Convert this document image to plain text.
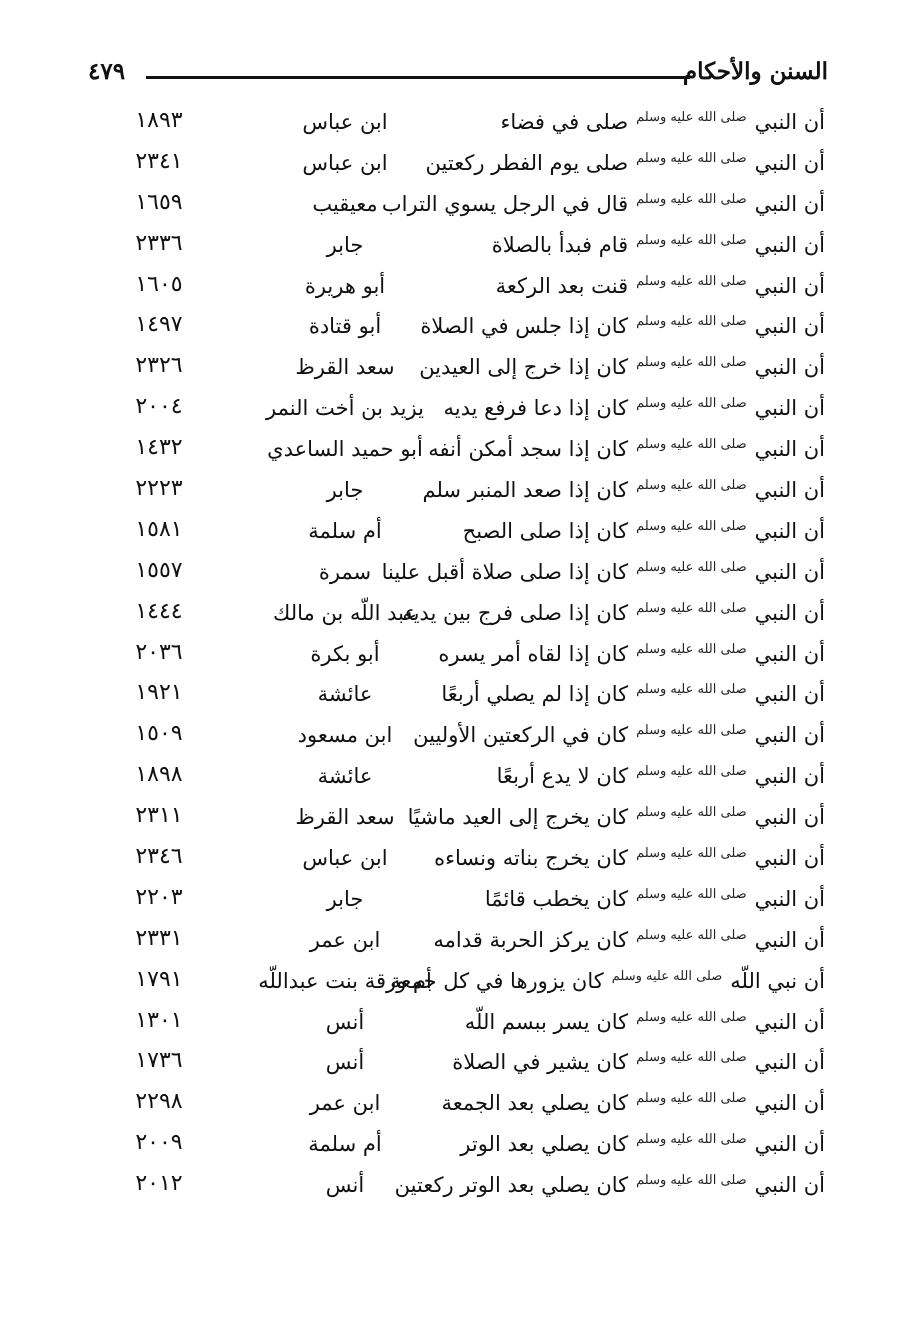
السنن والأحكام
٤٧٩
أن النبيصلى الله عليه وسلمصلى في فضاء
ابن عباس
١٨٩٣
أن النبيصلى الله عليه وسلمصلى يوم الفطر ركعتين
ابن عباس
٢٣٤١
أن النبيصلى الله عليه وسلمقال في الرجل يسوي التراب
معيقيب
١٦٥٩
أن النبيصلى الله عليه وسلمقام فبدأ بالصلاة
جابر
٢٣٣٦
أن النبيصلى الله عليه وسلمقنت بعد الركعة
أبو هريرة
١٦٠٥
أن النبيصلى الله عليه وسلمكان إذا جلس في الصلاة
أبو قتادة
١٤٩٧
أن النبيصلى الله عليه وسلمكان إذا خرج إلى العيدين
سعد القرظ
٢٣٢٦
أن النبيصلى الله عليه وسلمكان إذا دعا فرفع يديه
يزيد بن أخت النمر
٢٠٠٤
أن النبيصلى الله عليه وسلمكان إذا سجد أمكن أنفه
أبو حميد الساعدي
١٤٣٢
أن النبيصلى الله عليه وسلمكان إذا صعد المنبر سلم
جابر
٢٢٢٣
أن النبيصلى الله عليه وسلمكان إذا صلى الصبح
أم سلمة
١٥٨١
أن النبيصلى الله عليه وسلمكان إذا صلى صلاة أقبل علينا
سمرة
١٥٥٧
أن النبيصلى الله عليه وسلمكان إذا صلى فرج بين يديه
عبد اللّه بن مالك
١٤٤٤
أن النبيصلى الله عليه وسلمكان إذا لقاه أمر يسره
أبو بكرة
٢٠٣٦
أن النبيصلى الله عليه وسلمكان إذا لم يصلي أربعًا
عائشة
١٩٢١
أن النبيصلى الله عليه وسلمكان في الركعتين الأوليين
ابن مسعود
١٥٠٩
أن النبيصلى الله عليه وسلمكان لا يدع أربعًا
عائشة
١٨٩٨
أن النبيصلى الله عليه وسلمكان يخرج إلى العيد ماشيًا
سعد القرظ
٢٣١١
أن النبيصلى الله عليه وسلمكان يخرج بناته ونساءه
ابن عباس
٢٣٤٦
أن النبيصلى الله عليه وسلمكان يخطب قائمًا
جابر
٢٢٠٣
أن النبيصلى الله عليه وسلمكان يركز الحربة قدامه
ابن عمر
٢٣٣١
أن نبي اللّهصلى الله عليه وسلمكان يزورها في كل جمعة
أم ورقة بنت عبداللّه
١٧٩١
أن النبيصلى الله عليه وسلمكان يسر ببسم اللّه
أنس
١٣٠١
أن النبيصلى الله عليه وسلمكان يشير في الصلاة
أنس
١٧٣٦
أن النبيصلى الله عليه وسلمكان يصلي بعد الجمعة
ابن عمر
٢٢٩٨
أن النبيصلى الله عليه وسلمكان يصلي بعد الوتر
أم سلمة
٢٠٠٩
أن النبيصلى الله عليه وسلمكان يصلي بعد الوتر ركعتين
أنس
٢٠١٢
